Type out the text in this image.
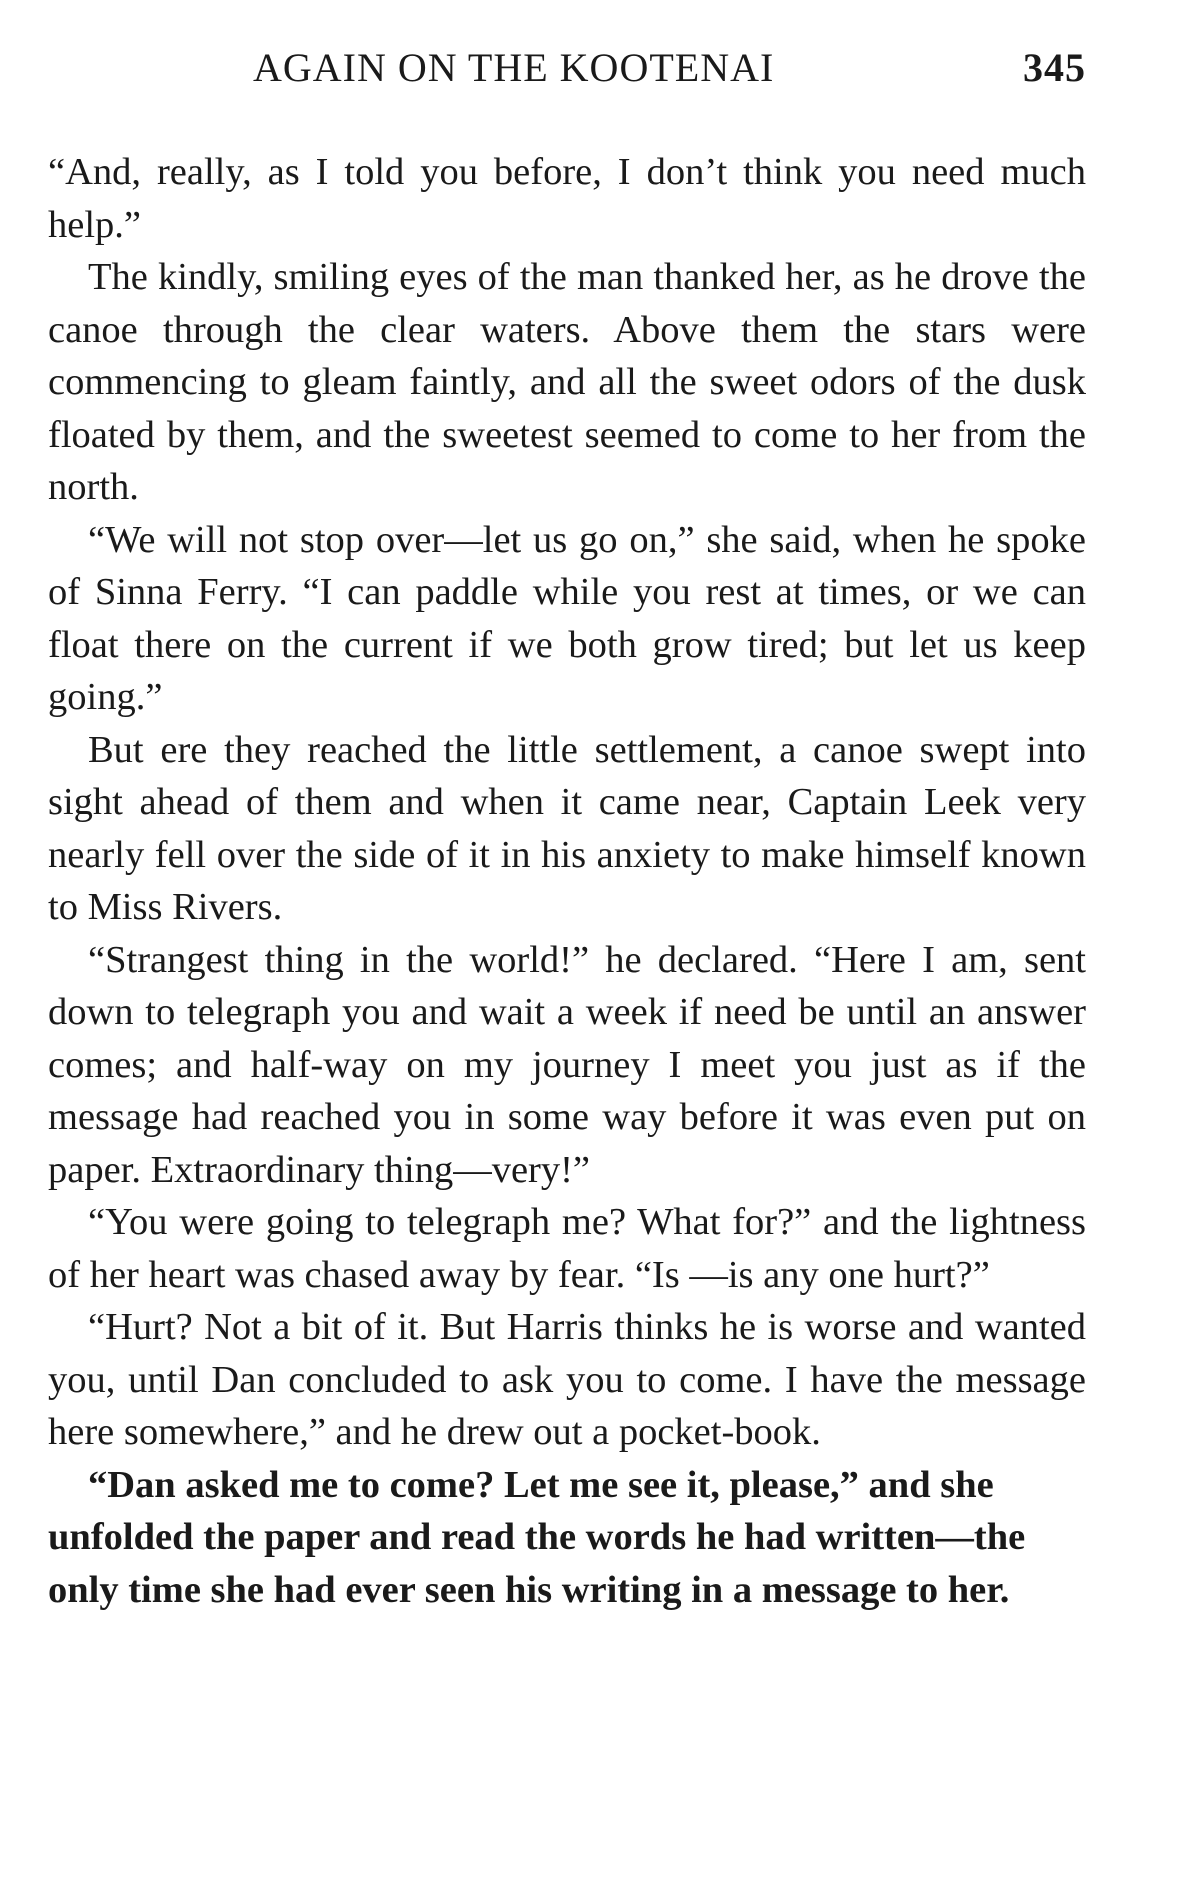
AGAIN ON THE KOOTENAI	345

“And, really, as I told you before, I don’t think you need much help.”

The kindly, smiling eyes of the man thanked her, as he drove the canoe through the clear waters. Above them the stars were commencing to gleam faintly, and all the sweet odors of the dusk floated by them, and the sweetest seemed to come to her from the north.

“We will not stop over—let us go on,” she said, when he spoke of Sinna Ferry. “I can paddle while you rest at times, or we can float there on the current if we both grow tired; but let us keep going.”

But ere they reached the little settlement, a canoe swept into sight ahead of them and when it came near, Captain Leek very nearly fell over the side of it in his anxiety to make himself known to Miss Rivers.

“Strangest thing in the world!” he declared. “Here I am, sent down to telegraph you and wait a week if need be until an answer comes; and half-way on my journey I meet you just as if the message had reached you in some way before it was even put on paper. Extraordinary thing—very!”

“You were going to telegraph me? What for?” and the lightness of her heart was chased away by fear. “Is —is any one hurt?”

“Hurt? Not a bit of it. But Harris thinks he is worse and wanted you, until Dan concluded to ask you to come. I have the message here somewhere,” and he drew out a pocket-book.

“Dan asked me to come? Let me see it, please,” and she unfolded the paper and read the words he had written—the only time she had ever seen his writing in a message to her.
